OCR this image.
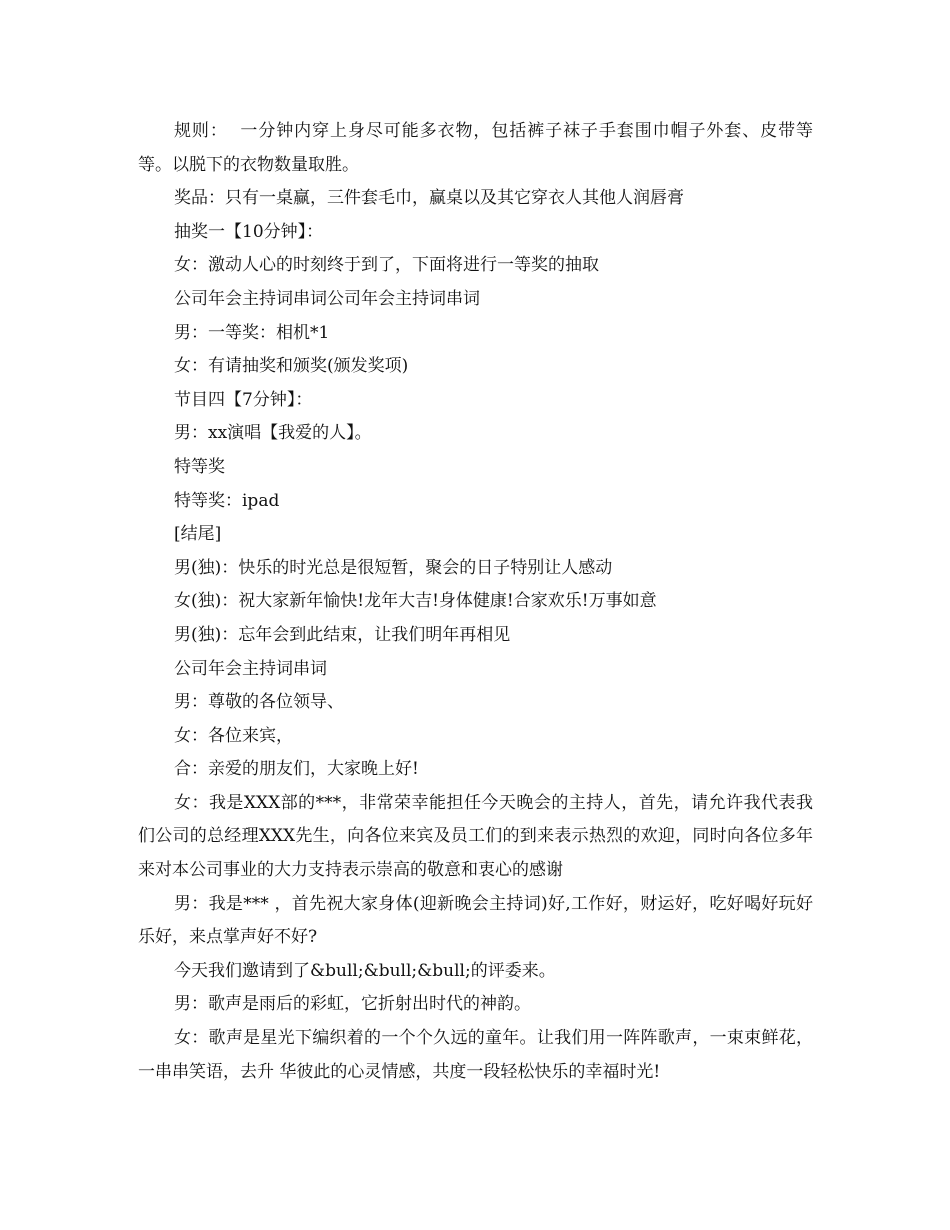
规则：  一分钟内穿上身尽可能多衣物，包括裤子袜子手套围巾帽子外套、皮带等等。以脱下的衣物数量取胜。

奖品：只有一桌赢，三件套毛巾，赢桌以及其它穿衣人其他人润唇膏

抽奖一【10分钟】：

女：激动人心的时刻终于到了，下面将进行一等奖的抽取

公司年会主持词串词公司年会主持词串词

男：一等奖：相机*1

女：有请抽奖和颁奖(颁发奖项)

节目四【7分钟】：

男：xx演唱【我爱的人】。

特等奖

特等奖：ipad

[结尾]

男(独)：快乐的时光总是很短暂，聚会的日子特别让人感动

女(独)：祝大家新年愉快!龙年大吉!身体健康!合家欢乐!万事如意

男(独)：忘年会到此结束，让我们明年再相见

公司年会主持词串词

男：尊敬的各位领导、

女：各位来宾，

合：亲爱的朋友们，大家晚上好!

女：我是XXX部的***，非常荣幸能担任今天晚会的主持人，首先，请允许我代表我们公司的总经理XXX先生，向各位来宾及员工们的到来表示热烈的欢迎，同时向各位多年来对本公司事业的大力支持表示崇高的敬意和衷心的感谢

男：我是*** ，首先祝大家身体(迎新晚会主持词)好,工作好，财运好，吃好喝好玩好乐好，来点掌声好不好?

今天我们邀请到了&bull;&bull;&bull;的评委来。

男：歌声是雨后的彩虹，它折射出时代的神韵。

女：歌声是星光下编织着的一个个久远的童年。让我们用一阵阵歌声，一束束鲜花，一串串笑语，去升 华彼此的心灵情感，共度一段轻松快乐的幸福时光!
